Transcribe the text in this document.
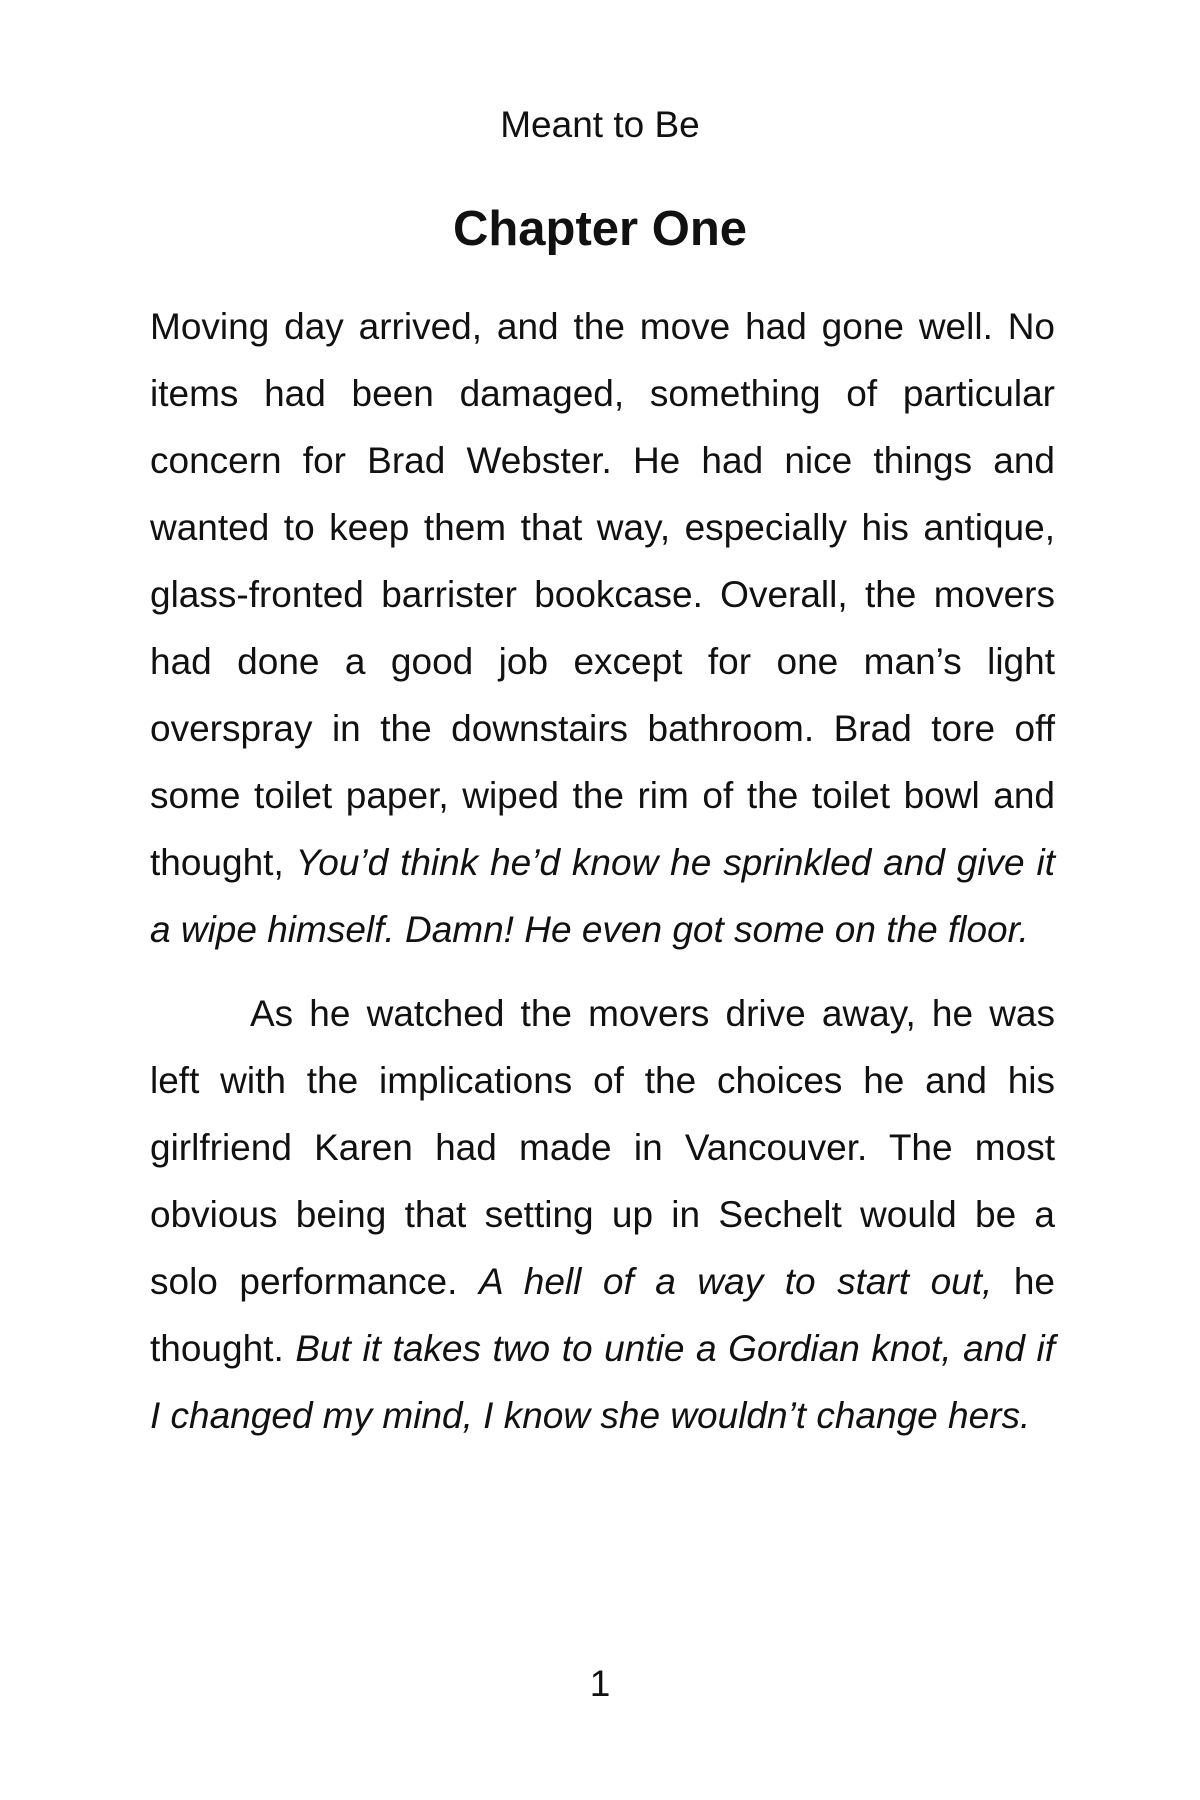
Meant to Be
Chapter One

Moving day arrived, and the move had gone well. No items had been damaged, something of particular concern for Brad Webster. He had nice things and wanted to keep them that way, especially his antique, glass-fronted barrister bookcase. Overall, the movers had done a good job except for one man’s light overspray in the downstairs bathroom. Brad tore off some toilet paper, wiped the rim of the toilet bowl and thought, You’d think he’d know he sprinkled and give it a wipe himself. Damn! He even got some on the floor.

As he watched the movers drive away, he was left with the implications of the choices he and his girlfriend Karen had made in Vancouver. The most obvious being that setting up in Sechelt would be a solo performance. A hell of a way to start out, he thought. But it takes two to untie a Gordian knot, and if I changed my mind, I know she wouldn’t change hers.

1
